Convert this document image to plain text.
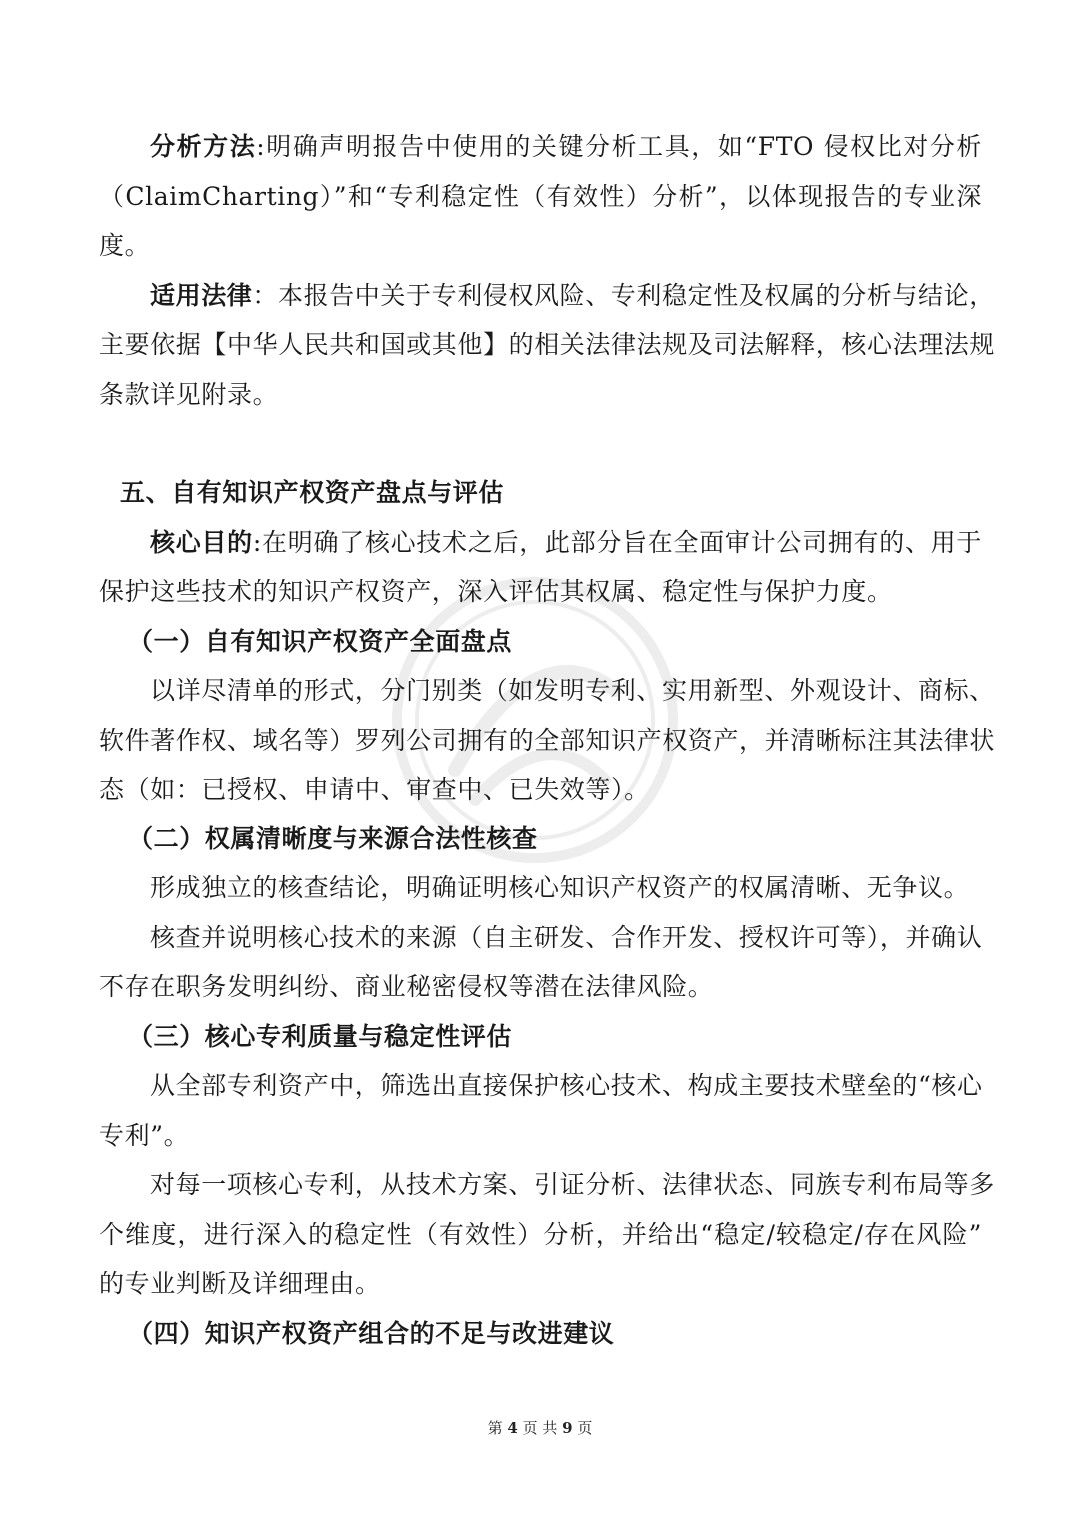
分析方法:明确声明报告中使用的关键分析工具，如“FTO 侵权比对分析

（ClaimCharting）”和“专利稳定性（有效性）分析”，以体现报告的专业深

度。

适用法律：本报告中关于专利侵权风险、专利稳定性及权属的分析与结论，

主要依据【中华人民共和国或其他】的相关法律法规及司法解释，核心法理法规

条款详见附录。

五、自有知识产权资产盘点与评估

核心目的:在明确了核心技术之后，此部分旨在全面审计公司拥有的、用于

保护这些技术的知识产权资产，深入评估其权属、稳定性与保护力度。

（一）自有知识产权资产全面盘点

以详尽清单的形式，分门别类（如发明专利、实用新型、外观设计、商标、

软件著作权、域名等）罗列公司拥有的全部知识产权资产，并清晰标注其法律状

态（如：已授权、申请中、审查中、已失效等）。

（二）权属清晰度与来源合法性核查

形成独立的核查结论，明确证明核心知识产权资产的权属清晰、无争议。

核查并说明核心技术的来源（自主研发、合作开发、授权许可等），并确认

不存在职务发明纠纷、商业秘密侵权等潜在法律风险。

（三）核心专利质量与稳定性评估

从全部专利资产中，筛选出直接保护核心技术、构成主要技术壁垒的“核心

专利”。

对每一项核心专利，从技术方案、引证分析、法律状态、同族专利布局等多

个维度，进行深入的稳定性（有效性）分析，并给出“稳定/较稳定/存在风险”

的专业判断及详细理由。

（四）知识产权资产组合的不足与改进建议

第 4 页 共 9 页
